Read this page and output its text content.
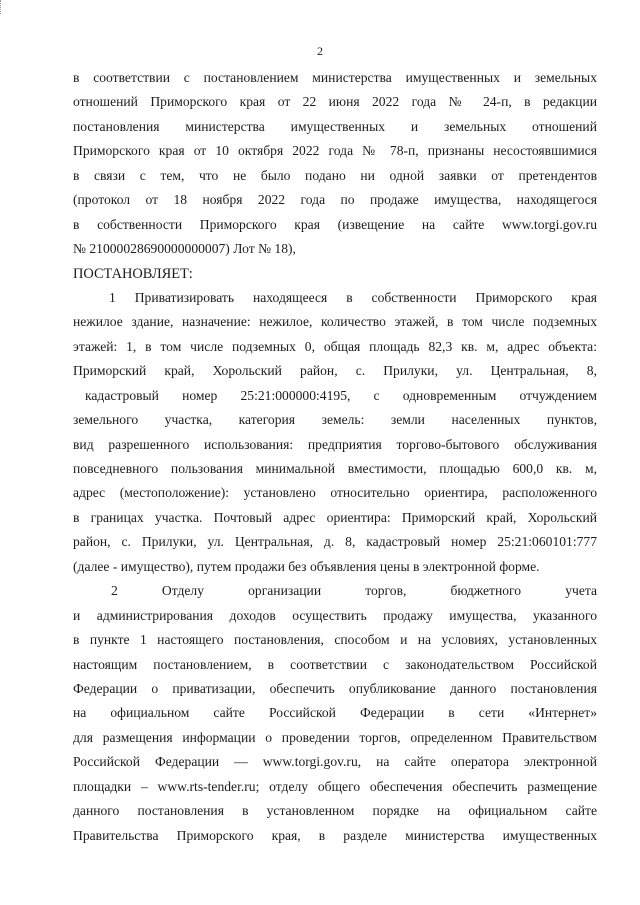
2
в соответствии с постановлением министерства имущественных и земельных
отношений Приморского края от 22 июня 2022 года № 24-п, в редакции
постановления министерства имущественных и земельных отношений
Приморского края от 10 октября 2022 года № 78-п, признаны несостоявшимися
в связи с тем, что не было подано ни одной заявки от претендентов
(протокол от 18 ноября 2022 года по продаже имущества, находящегося
в собственности Приморского края (извещение на сайте www.torgi.gov.ru
№ 21000028690000000007) Лот № 18),
ПОСТАНОВЛЯЕТ:
1 Приватизировать находящееся в собственности Приморского края
нежилое здание, назначение: нежилое, количество этажей, в том числе подземных
этажей: 1, в том числе подземных 0, общая площадь 82,3 кв. м, адрес объекта:
Приморский край, Хорольский район, с. Прилуки, ул. Центральная, 8,
кадастровый номер 25:21:000000:4195, с одновременным отчуждением
земельного участка, категория земель: земли населенных пунктов,
вид разрешенного использования: предприятия торгово-бытового обслуживания
повседневного пользования минимальной вместимости, площадью 600,0 кв. м,
адрес (местоположение): установлено относительно ориентира, расположенного
в границах участка. Почтовый адрес ориентира: Приморский край, Хорольский
район, с. Прилуки, ул. Центральная, д. 8, кадастровый номер 25:21:060101:777
(далее - имущество), путем продажи без объявления цены в электронной форме.
2 Отделу организации торгов, бюджетного учета
и администрирования доходов осуществить продажу имущества, указанного
в пункте 1 настоящего постановления, способом и на условиях, установленных
настоящим постановлением, в соответствии с законодательством Российской
Федерации о приватизации, обеспечить опубликование данного постановления
на официальном сайте Российской Федерации в сети «Интернет»
для размещения информации о проведении торгов, определенном Правительством
Российской Федерации — www.torgi.gov.ru, на сайте оператора электронной
площадки – www.rts-tender.ru; отделу общего обеспечения обеспечить размещение
данного постановления в установленном порядке на официальном сайте
Правительства Приморского края, в разделе министерства имущественных
